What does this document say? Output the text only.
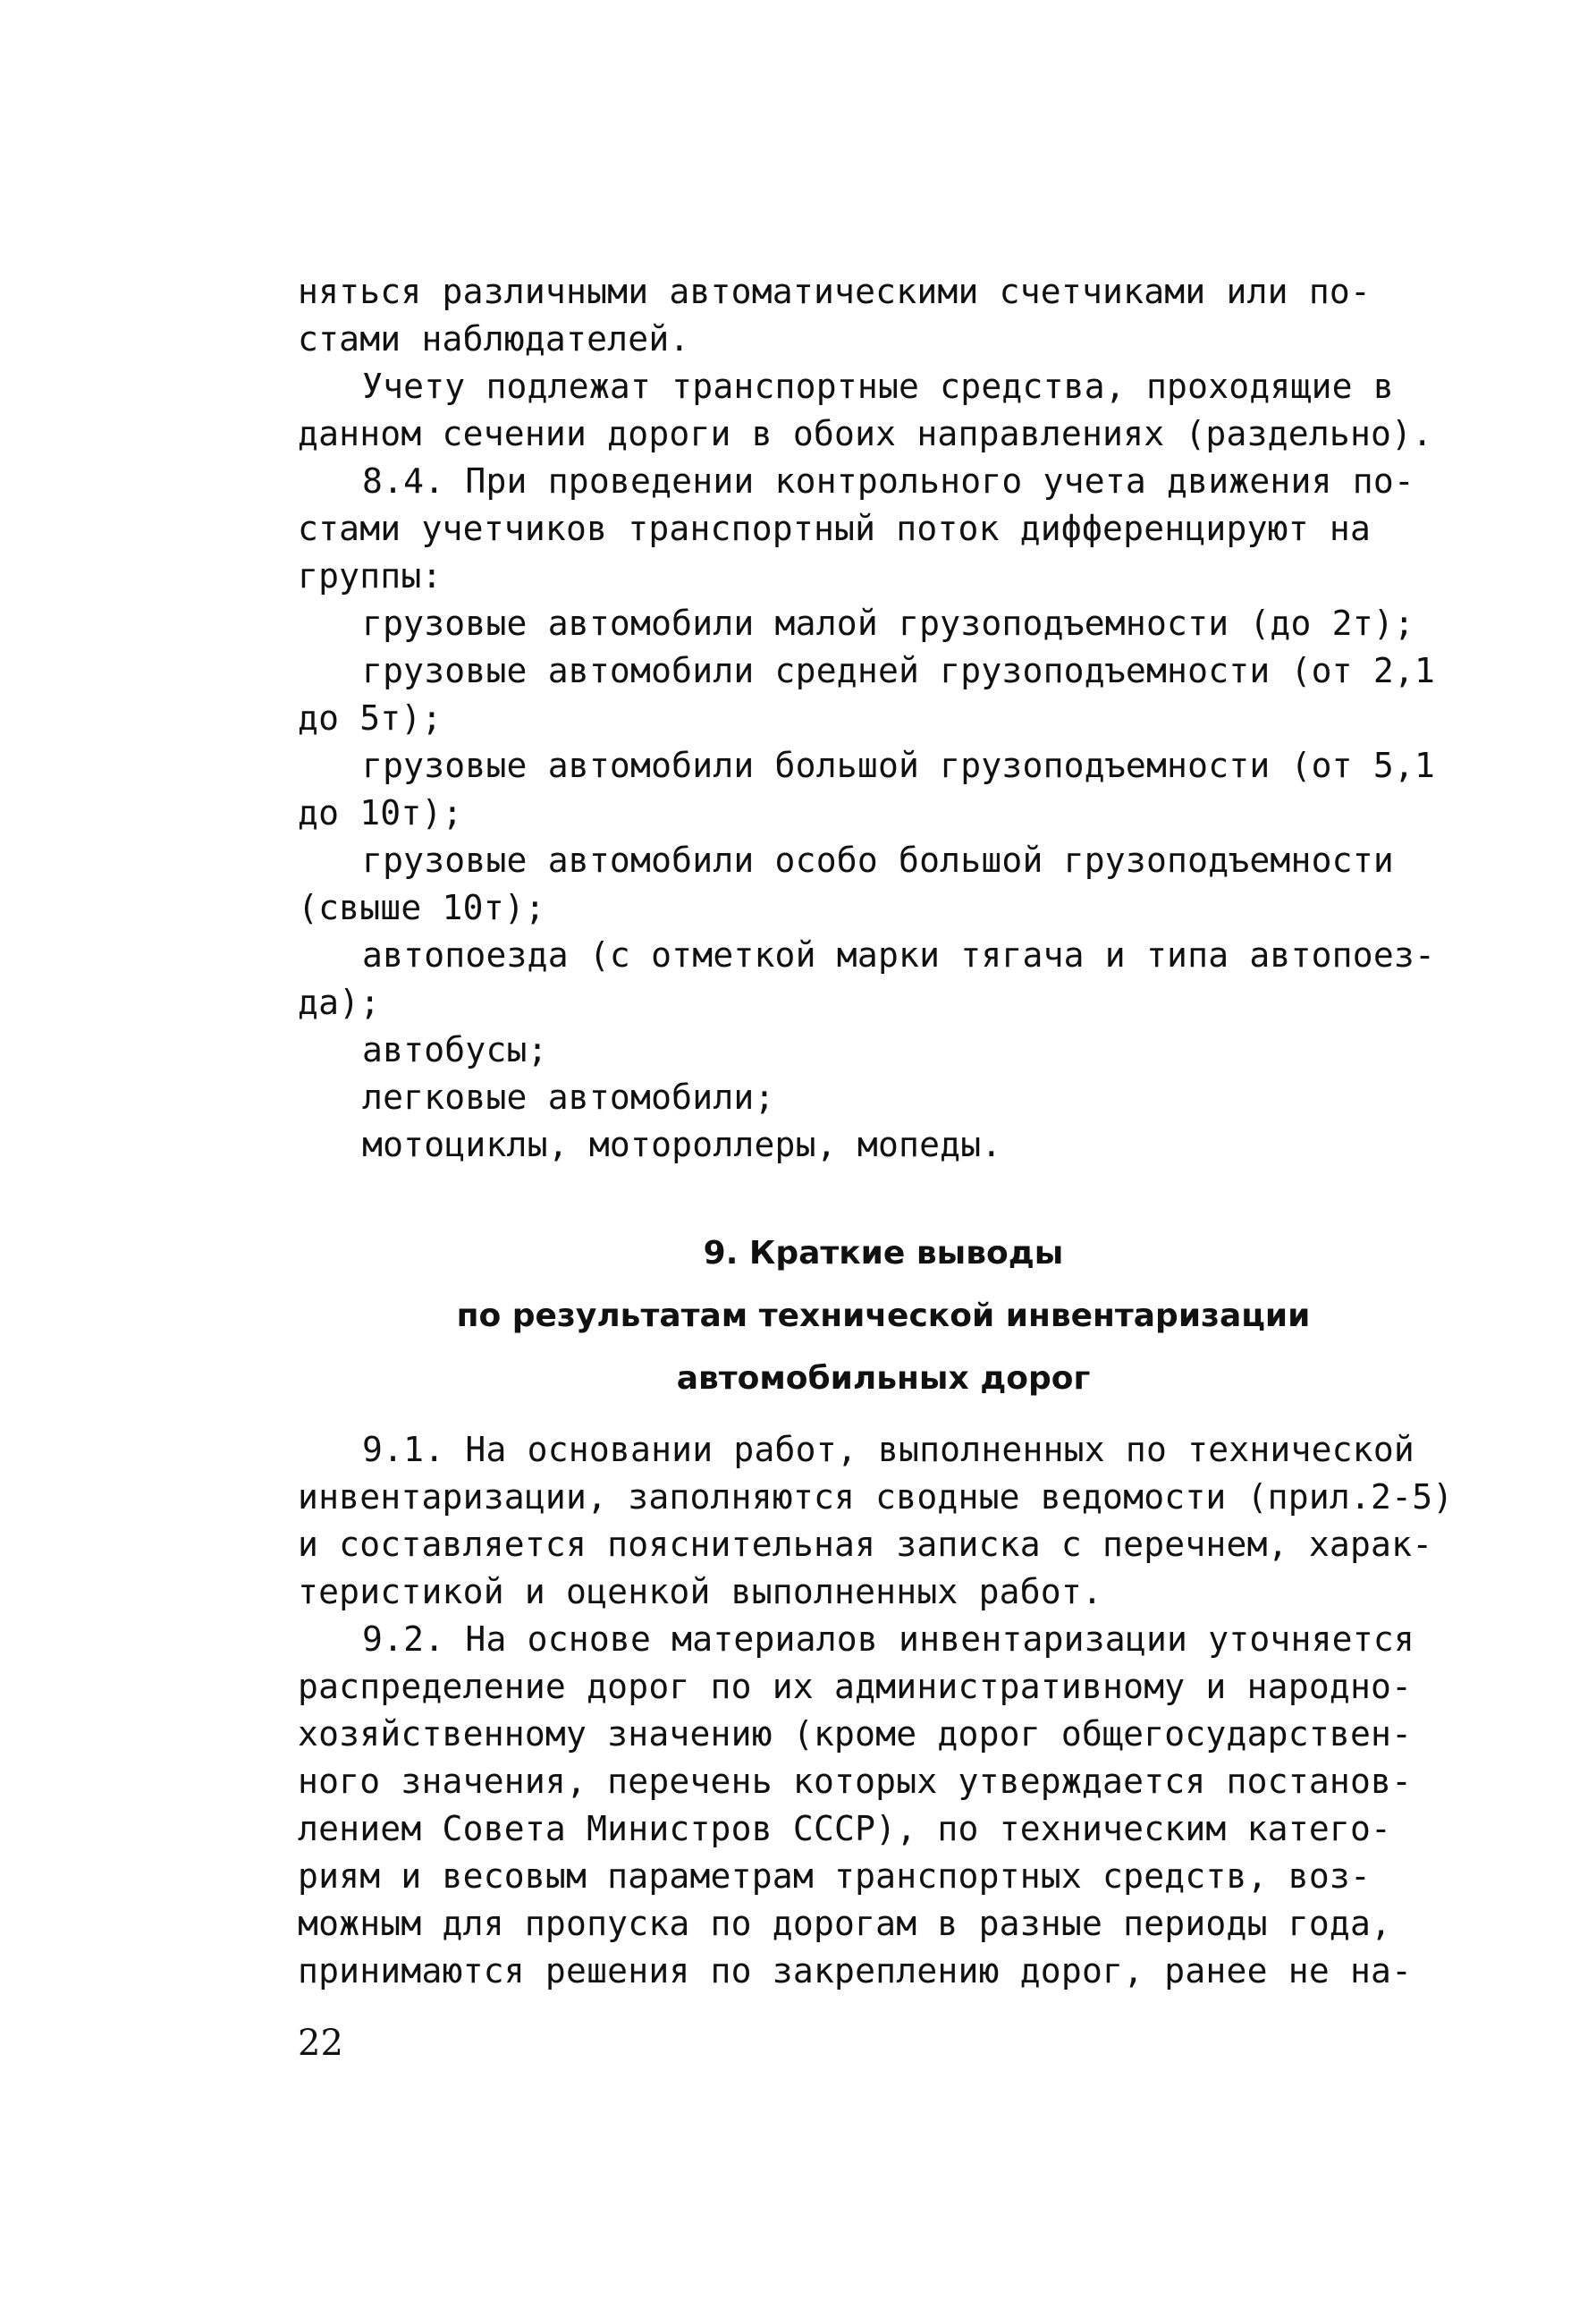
няться различными автоматическими счетчиками или по-
стами наблюдателей.
Учету подлежат транспортные средства, проходящие в
данном сечении дороги в обоих направлениях (раздельно).
8.4. При проведении контрольного учета движения по-
стами учетчиков транспортный поток дифференцируют на
группы:
грузовые автомобили малой грузоподъемности (до 2т);
грузовые автомобили средней грузоподъемности (от 2,1
до 5т);
грузовые автомобили большой грузоподъемности (от 5,1
до 10т);
грузовые автомобили особо большой грузоподъемности
(свыше 10т);
автопоезда (с отметкой марки тягача и типа автопоез-
да);
автобусы;
легковые автомобили;
мотоциклы, мотороллеры, мопеды.
9. Краткие выводы
по результатам технической инвентаризации
автомобильных дорог
9.1. На основании работ, выполненных по технической
инвентаризации, заполняются сводные ведомости (прил.2-5)
и составляется пояснительная записка с перечнем, харак-
теристикой и оценкой выполненных работ.
9.2. На основе материалов инвентаризации уточняется
распределение дорог по их административному и народно-
хозяйственному значению (кроме дорог общегосударствен-
ного значения, перечень которых утверждается постанов-
лением Совета Министров СССР), по техническим катего-
риям и весовым параметрам транспортных средств, воз-
можным для пропуска по дорогам в разные периоды года,
принимаются решения по закреплению дорог, ранее не на-
22
